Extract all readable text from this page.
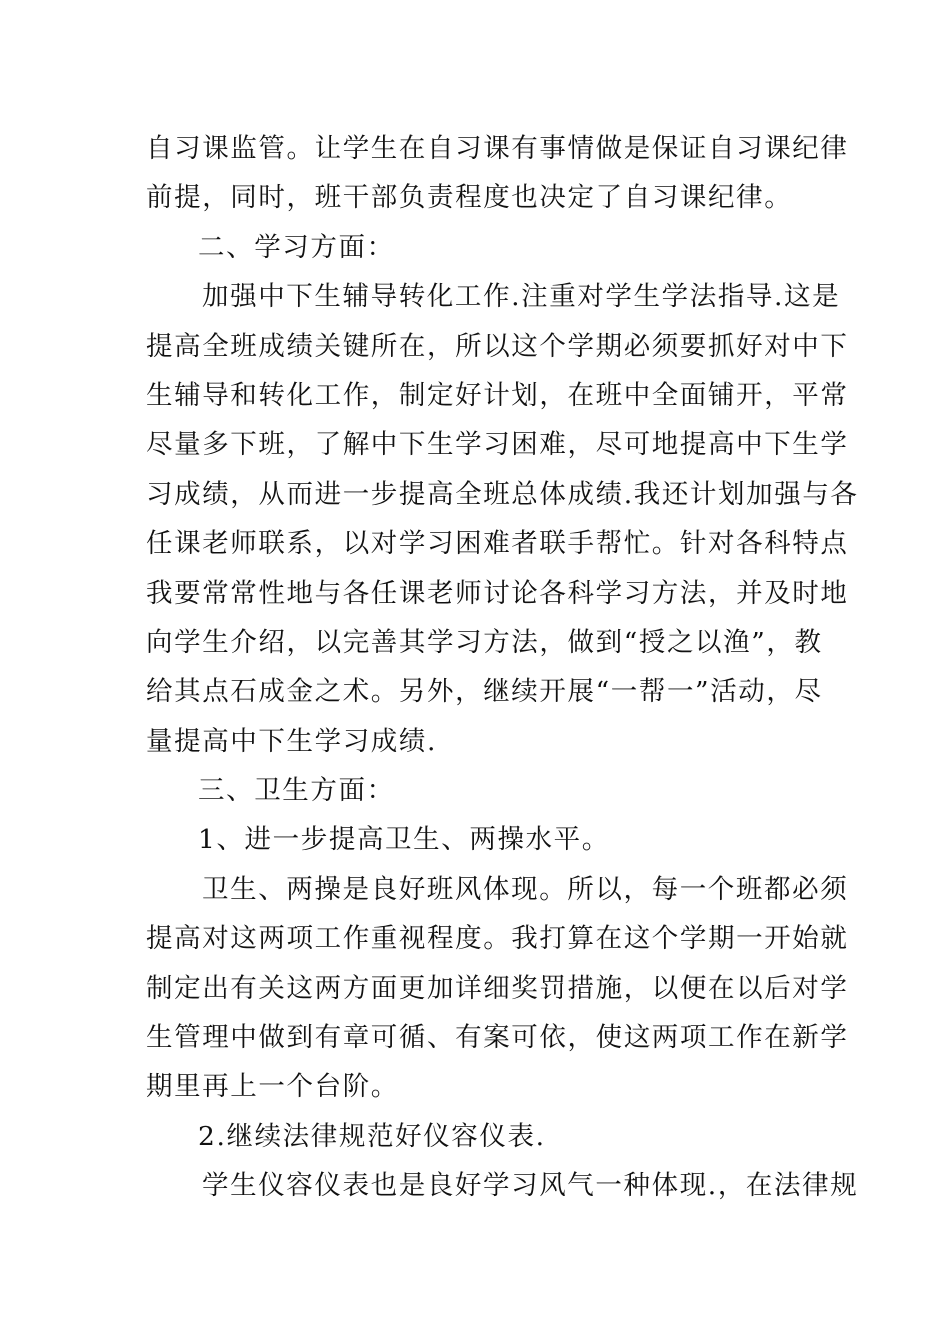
自习课监管。让学生在自习课有事情做是保证自习课纪律
前提，同时，班干部负责程度也决定了自习课纪律。
二、学习方面：
加强中下生辅导转化工作.注重对学生学法指导.这是
提高全班成绩关键所在，所以这个学期必须要抓好对中下
生辅导和转化工作，制定好计划，在班中全面铺开，平常
尽量多下班，了解中下生学习困难，尽可地提高中下生学
习成绩，从而进一步提高全班总体成绩.我还计划加强与各
任课老师联系，以对学习困难者联手帮忙。针对各科特点
我要常常性地与各任课老师讨论各科学习方法，并及时地
向学生介绍，以完善其学习方法，做到“授之以渔”，教
给其点石成金之术。另外，继续开展“一帮一”活动，尽
量提高中下生学习成绩.
三、卫生方面：
1、进一步提高卫生、两操水平。
卫生、两操是良好班风体现。所以，每一个班都必须
提高对这两项工作重视程度。我打算在这个学期一开始就
制定出有关这两方面更加详细奖罚措施，以便在以后对学
生管理中做到有章可循、有案可依，使这两项工作在新学
期里再上一个台阶。
2.继续法律规范好仪容仪表.
学生仪容仪表也是良好学习风气一种体现.，在法律规
